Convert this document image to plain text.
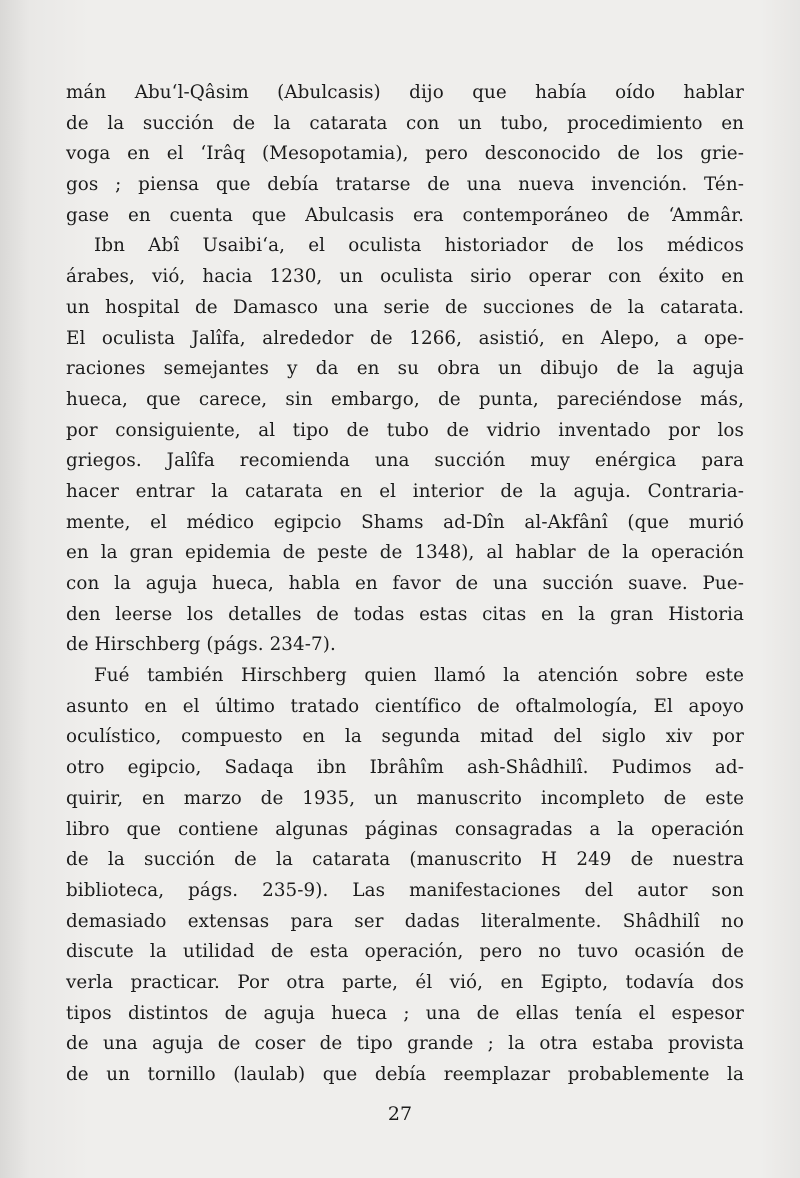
mán Abu‘l-Qâsim (Abulcasis) dijo que había oído hablar
de la succión de la catarata con un tubo, procedimiento en
voga en el ‘Irâq (Mesopotamia), pero desconocido de los grie-
gos ; piensa que debía tratarse de una nueva invención. Tén-
gase en cuenta que Abulcasis era contemporáneo de ‘Ammâr.
Ibn Abî Usaibi‘a, el oculista historiador de los médicos
árabes, vió, hacia 1230, un oculista sirio operar con éxito en
un hospital de Damasco una serie de succiones de la catarata.
El oculista Jalîfa, alrededor de 1266, asistió, en Alepo, a ope-
raciones semejantes y da en su obra un dibujo de la aguja
hueca, que carece, sin embargo, de punta, pareciéndose más,
por consiguiente, al tipo de tubo de vidrio inventado por los
griegos. Jalîfa recomienda una succión muy enérgica para
hacer entrar la catarata en el interior de la aguja. Contraria-
mente, el médico egipcio Shams ad-Dîn al-Akfânî (que murió
en la gran epidemia de peste de 1348), al hablar de la operación
con la aguja hueca, habla en favor de una succión suave. Pue-
den leerse los detalles de todas estas citas en la gran Historia
de Hirschberg (págs. 234-7).
Fué también Hirschberg quien llamó la atención sobre este
asunto en el último tratado científico de oftalmología, El apoyo
oculístico, compuesto en la segunda mitad del siglo xiv por
otro egipcio, Sadaqa ibn Ibrâhîm ash-Shâdhilî. Pudimos ad-
quirir, en marzo de 1935, un manuscrito incompleto de este
libro que contiene algunas páginas consagradas a la operación
de la succión de la catarata (manuscrito H 249 de nuestra
biblioteca, págs. 235-9). Las manifestaciones del autor son
demasiado extensas para ser dadas literalmente. Shâdhilî no
discute la utilidad de esta operación, pero no tuvo ocasión de
verla practicar. Por otra parte, él vió, en Egipto, todavía dos
tipos distintos de aguja hueca ; una de ellas tenía el espesor
de una aguja de coser de tipo grande ; la otra estaba provista
de un tornillo (laulab) que debía reemplazar probablemente la
27
